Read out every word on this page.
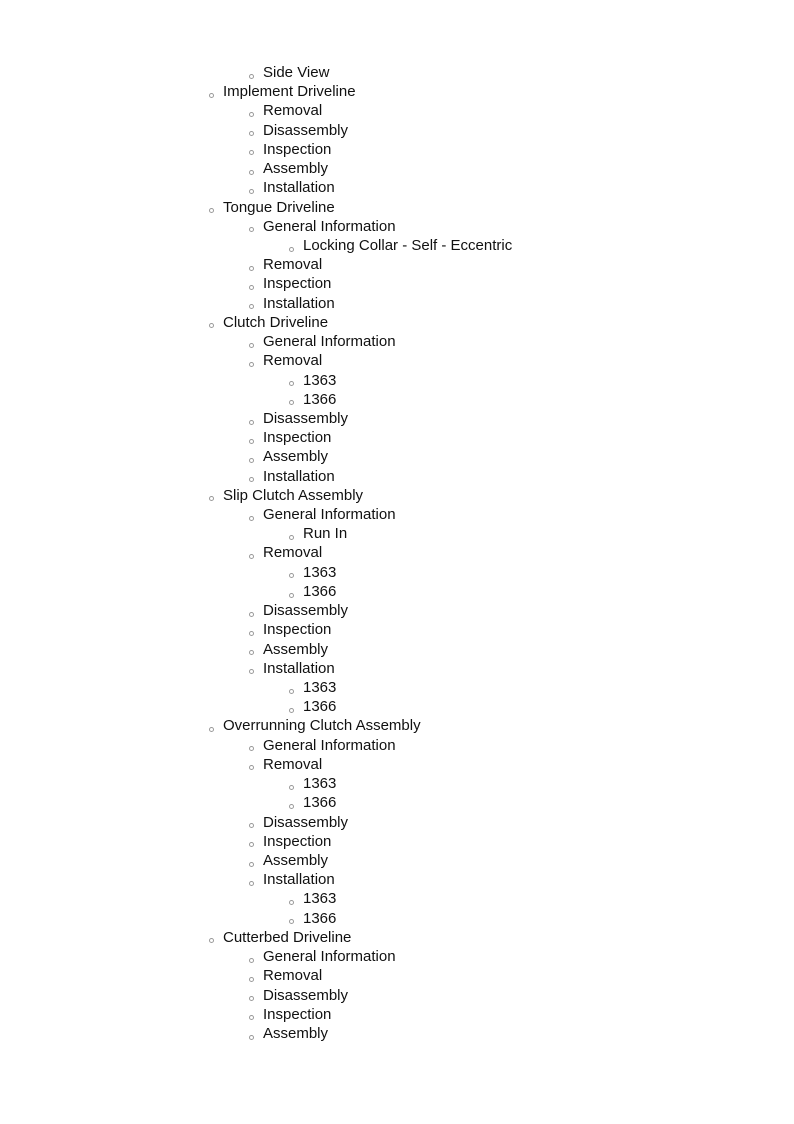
Side View
Implement Driveline
Removal
Disassembly
Inspection
Assembly
Installation
Tongue Driveline
General Information
Locking Collar - Self - Eccentric
Removal
Inspection
Installation
Clutch Driveline
General Information
Removal
1363
1366
Disassembly
Inspection
Assembly
Installation
Slip Clutch Assembly
General Information
Run In
Removal
1363
1366
Disassembly
Inspection
Assembly
Installation
1363
1366
Overrunning Clutch Assembly
General Information
Removal
1363
1366
Disassembly
Inspection
Assembly
Installation
1363
1366
Cutterbed Driveline
General Information
Removal
Disassembly
Inspection
Assembly
